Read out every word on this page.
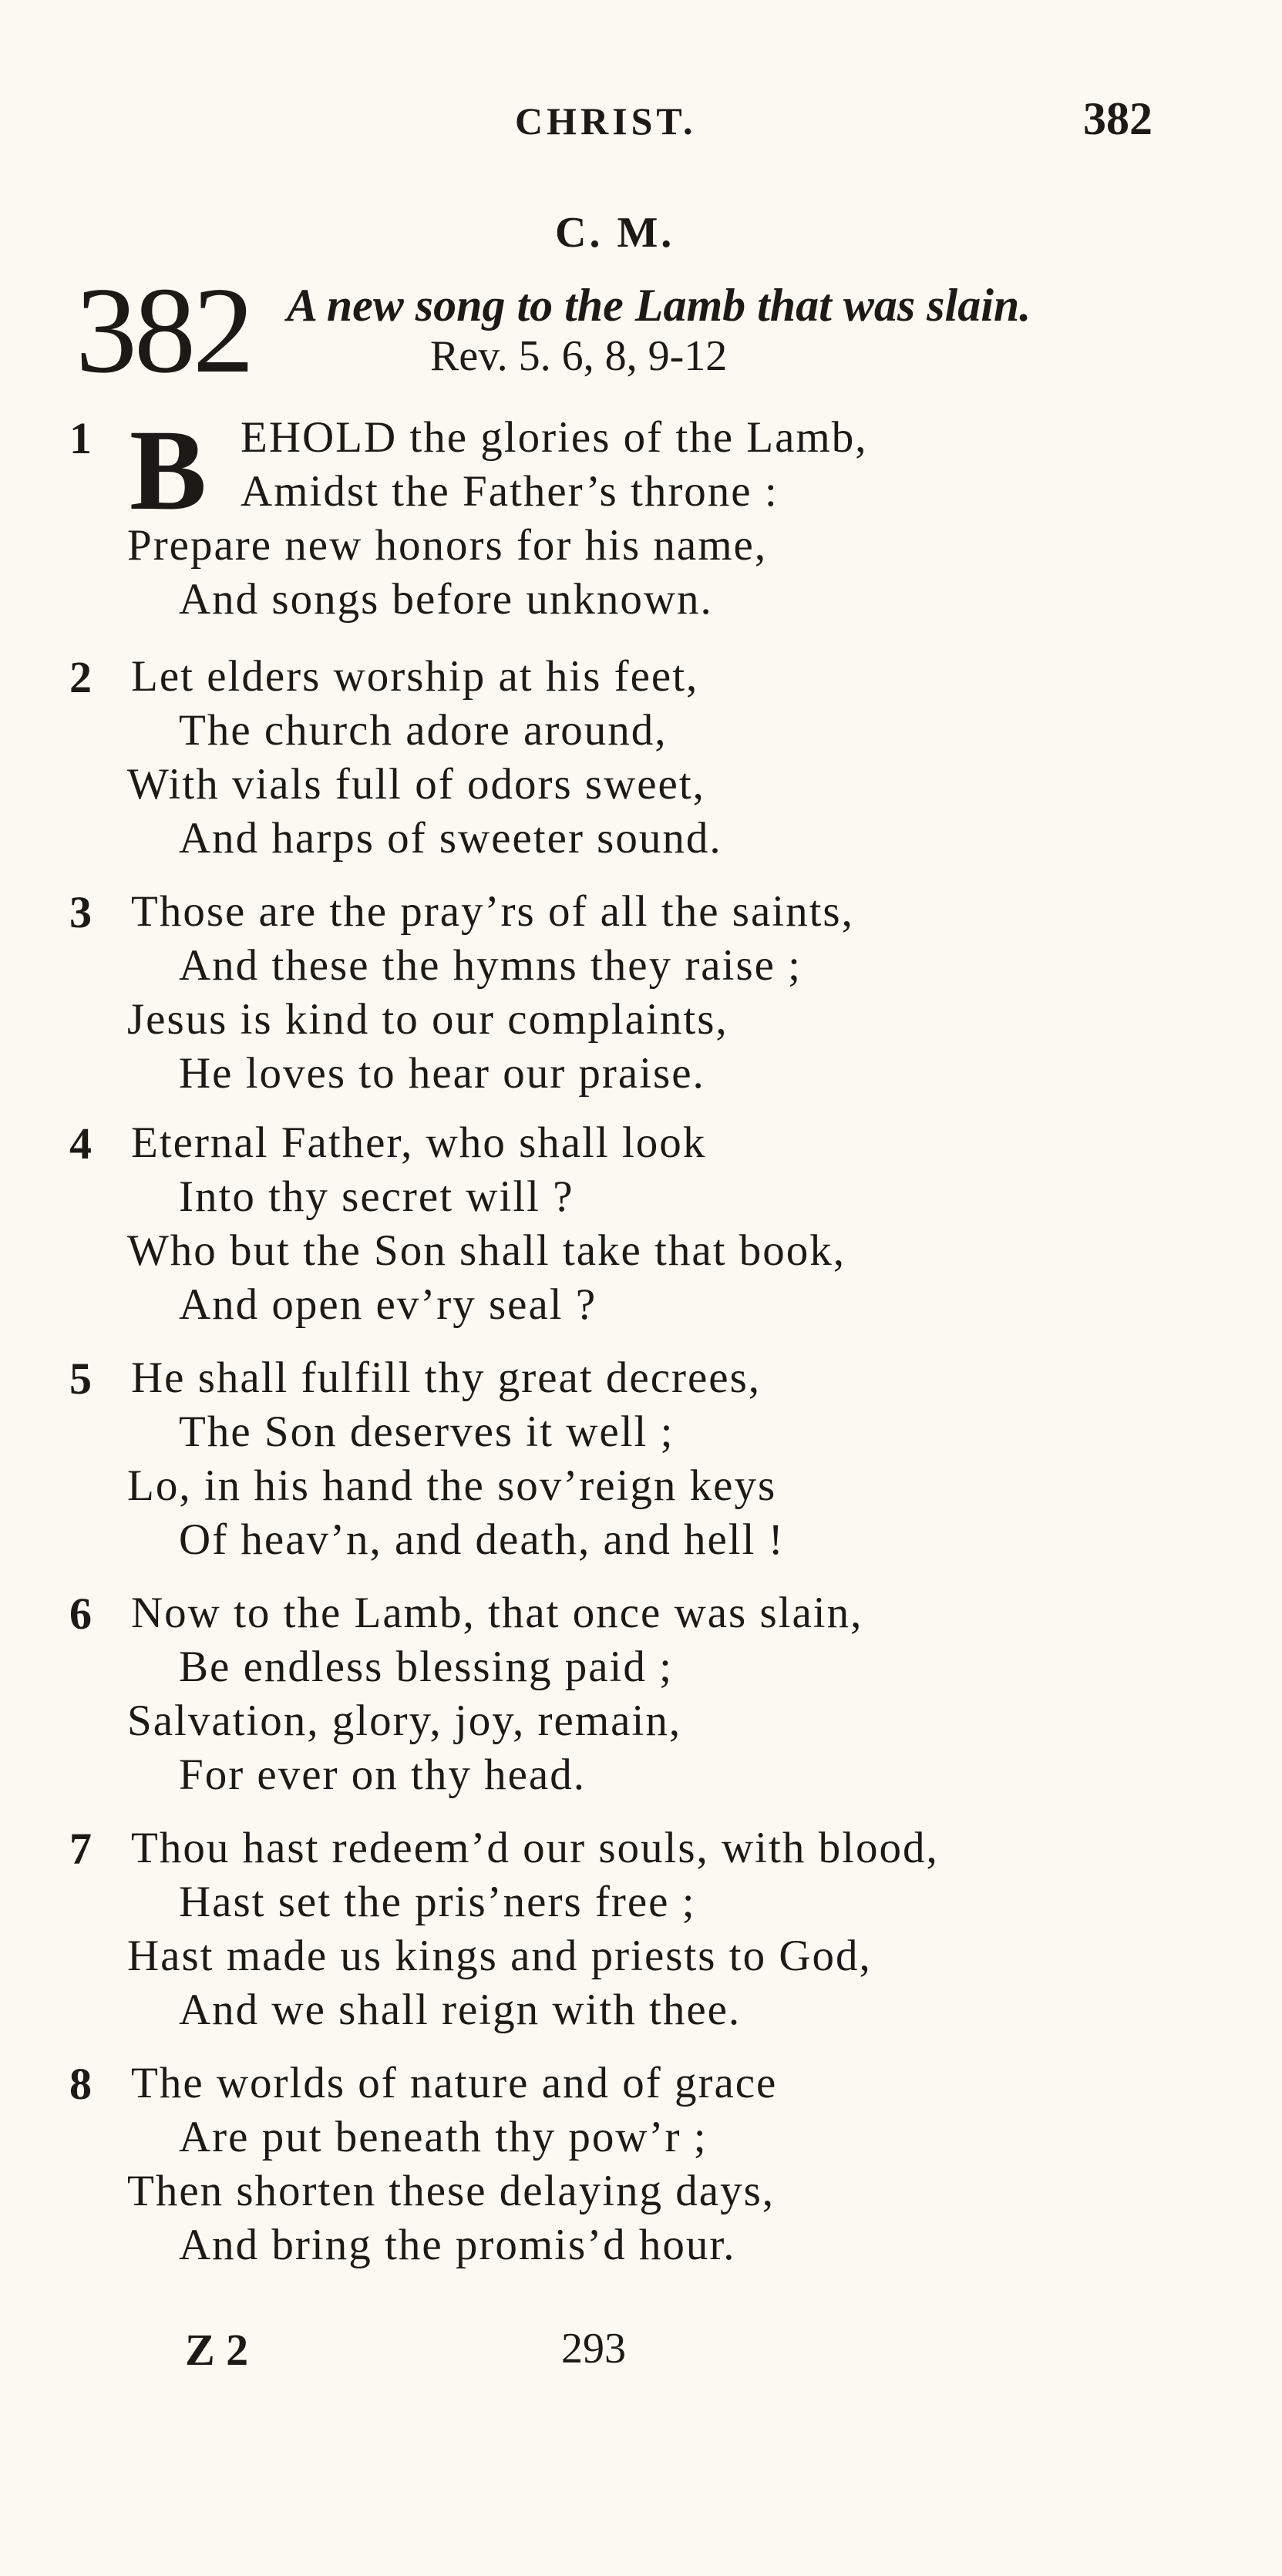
CHRIST.	382
C. M.
382 A new song to the Lamb that was slain.
Rev. 5. 6, 8, 9-12
1 B EHOLD the glories of the Lamb,
Amidst the Father’s throne :
Prepare new honors for his name,
And songs before unknown.
2 Let elders worship at his feet,
The church adore around,
With vials full of odors sweet,
And harps of sweeter sound.
3 Those are the pray’rs of all the saints,
And these the hymns they raise ;
Jesus is kind to our complaints,
He loves to hear our praise.
4 Eternal Father, who shall look
Into thy secret will ?
Who but the Son shall take that book,
And open ev’ry seal ?
5 He shall fulfill thy great decrees,
The Son deserves it well ;
Lo, in his hand the sov’reign keys
Of heav’n, and death, and hell !
6 Now to the Lamb, that once was slain,
Be endless blessing paid ;
Salvation, glory, joy, remain,
For ever on thy head.
7 Thou hast redeem’d our souls, with blood,
Hast set the pris’ners free ;
Hast made us kings and priests to God,
And we shall reign with thee.
8 The worlds of nature and of grace
Are put beneath thy pow’r ;
Then shorten these delaying days,
And bring the promis’d hour.
Z 2	293
